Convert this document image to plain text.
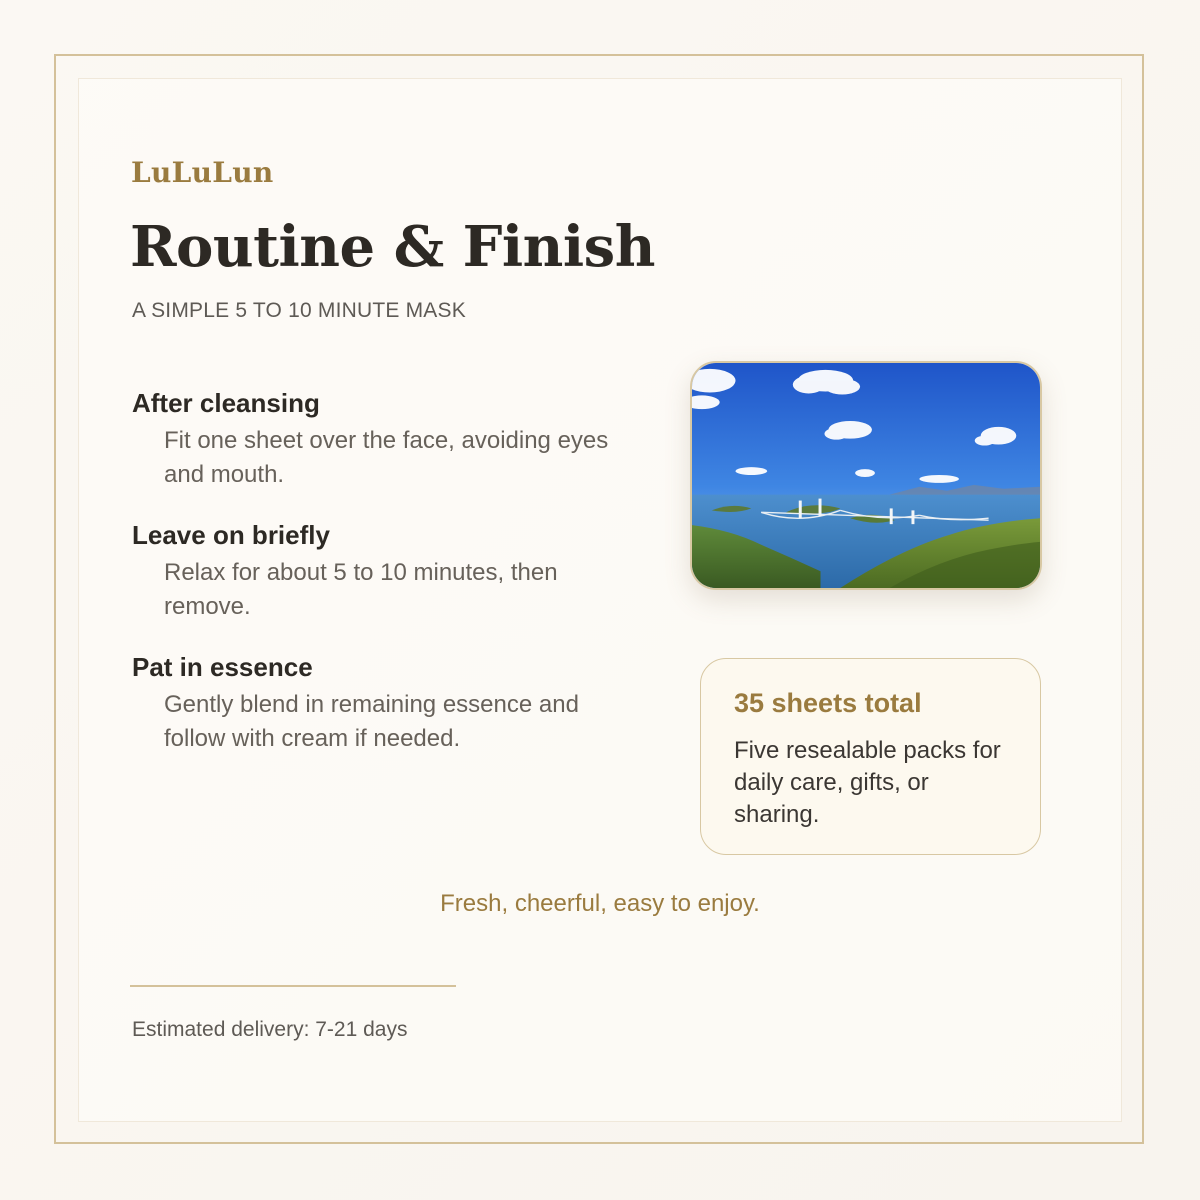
LuLuLun
Routine & Finish
A SIMPLE 5 TO 10 MINUTE MASK
After cleansing
Fit one sheet over the face, avoiding eyes and mouth.
Leave on briefly
Relax for about 5 to 10 minutes, then remove.
Pat in essence
Gently blend in remaining essence and follow with cream if needed.
35 sheets total
Five resealable packs for daily care, gifts, or sharing.
Fresh, cheerful, easy to enjoy.
Estimated delivery: 7-21 days
